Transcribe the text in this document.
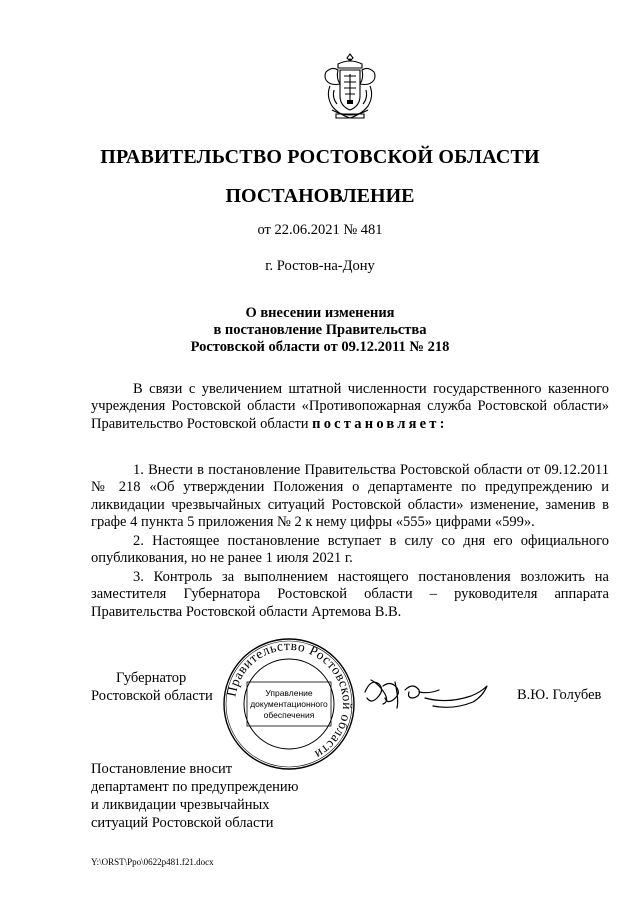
ПРАВИТЕЛЬСТВО РОСТОВСКОЙ ОБЛАСТИ
ПОСТАНОВЛЕНИЕ
от 22.06.2021 № 481
г. Ростов-на-Дону
О внесении изменения
в постановление Правительства
Ростовской области от 09.12.2011 № 218
В связи с увеличением штатной численности государственного казенного учреждения Ростовской области «Противопожарная служба Ростовской области» Правительство Ростовской области постановляет:
1. Внести в постановление Правительства Ростовской области от 09.12.2011 № 218 «Об утверждении Положения о департаменте по предупреждению и ликвидации чрезвычайных ситуаций Ростовской области» изменение, заменив в графе 4 пункта 5 приложения № 2 к нему цифры «555» цифрами «599».
2. Настоящее постановление вступает в силу со дня его официального опубликования, но не ранее 1 июля 2021 г.
3. Контроль за выполнением настоящего постановления возложить на заместителя Губернатора Ростовской области – руководителя аппарата Правительства Ростовской области Артемова В.В.
Губернатор
Ростовской области Правительство Ростовской области
Управление
документационного
обеспечения
В.Ю. Голубев
Постановление вносит
департамент по предупреждению
и ликвидации чрезвычайных
ситуаций Ростовской области
Y:\ORST\Ppo\0622p481.f21.docx
